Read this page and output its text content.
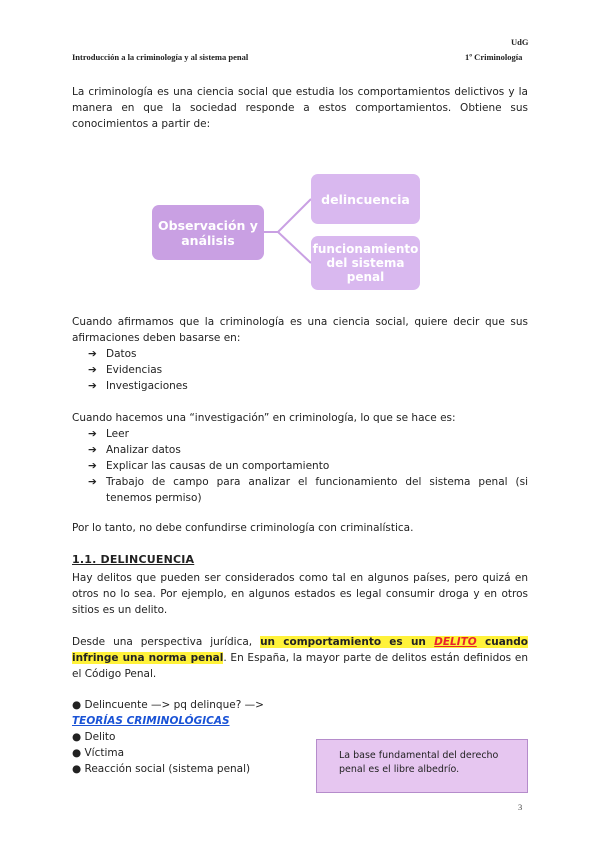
UdG
Introducción a la criminología y al sistema penal	1º Criminología

La criminología es una ciencia social que estudia los comportamientos delictivos y la manera en que la sociedad responde a estos comportamientos. Obtiene sus conocimientos a partir de:

Observación y análisis
delincuencia
funcionamiento del sistema penal

Cuando afirmamos que la criminología es una ciencia social, quiere decir que sus afirmaciones deben basarse en:

➔ Datos
➔ Evidencias
➔ Investigaciones

Cuando hacemos una “investigación” en criminología, lo que se hace es:

➔ Leer
➔ Analizar datos
➔ Explicar las causas de un comportamiento
➔ Trabajo de campo para analizar el funcionamiento del sistema penal (si tenemos permiso)

Por lo tanto, no debe confundirse criminología con criminalística.

1.1. DELINCUENCIA

Hay delitos que pueden ser considerados como tal en algunos países, pero quizá en otros no lo sea. Por ejemplo, en algunos estados es legal consumir droga y en otros sitios es un delito.

Desde una perspectiva jurídica, un comportamiento es un DELITO cuando infringe una norma penal. En España, la mayor parte de delitos están definidos en el Código Penal.

● Delincuente —> pq delinque? —> TEORÍAS CRIMINOLÓGICAS
● Delito
● Víctima
● Reacción social (sistema penal)
La base fundamental del derecho penal es el libre albedrío.
3
